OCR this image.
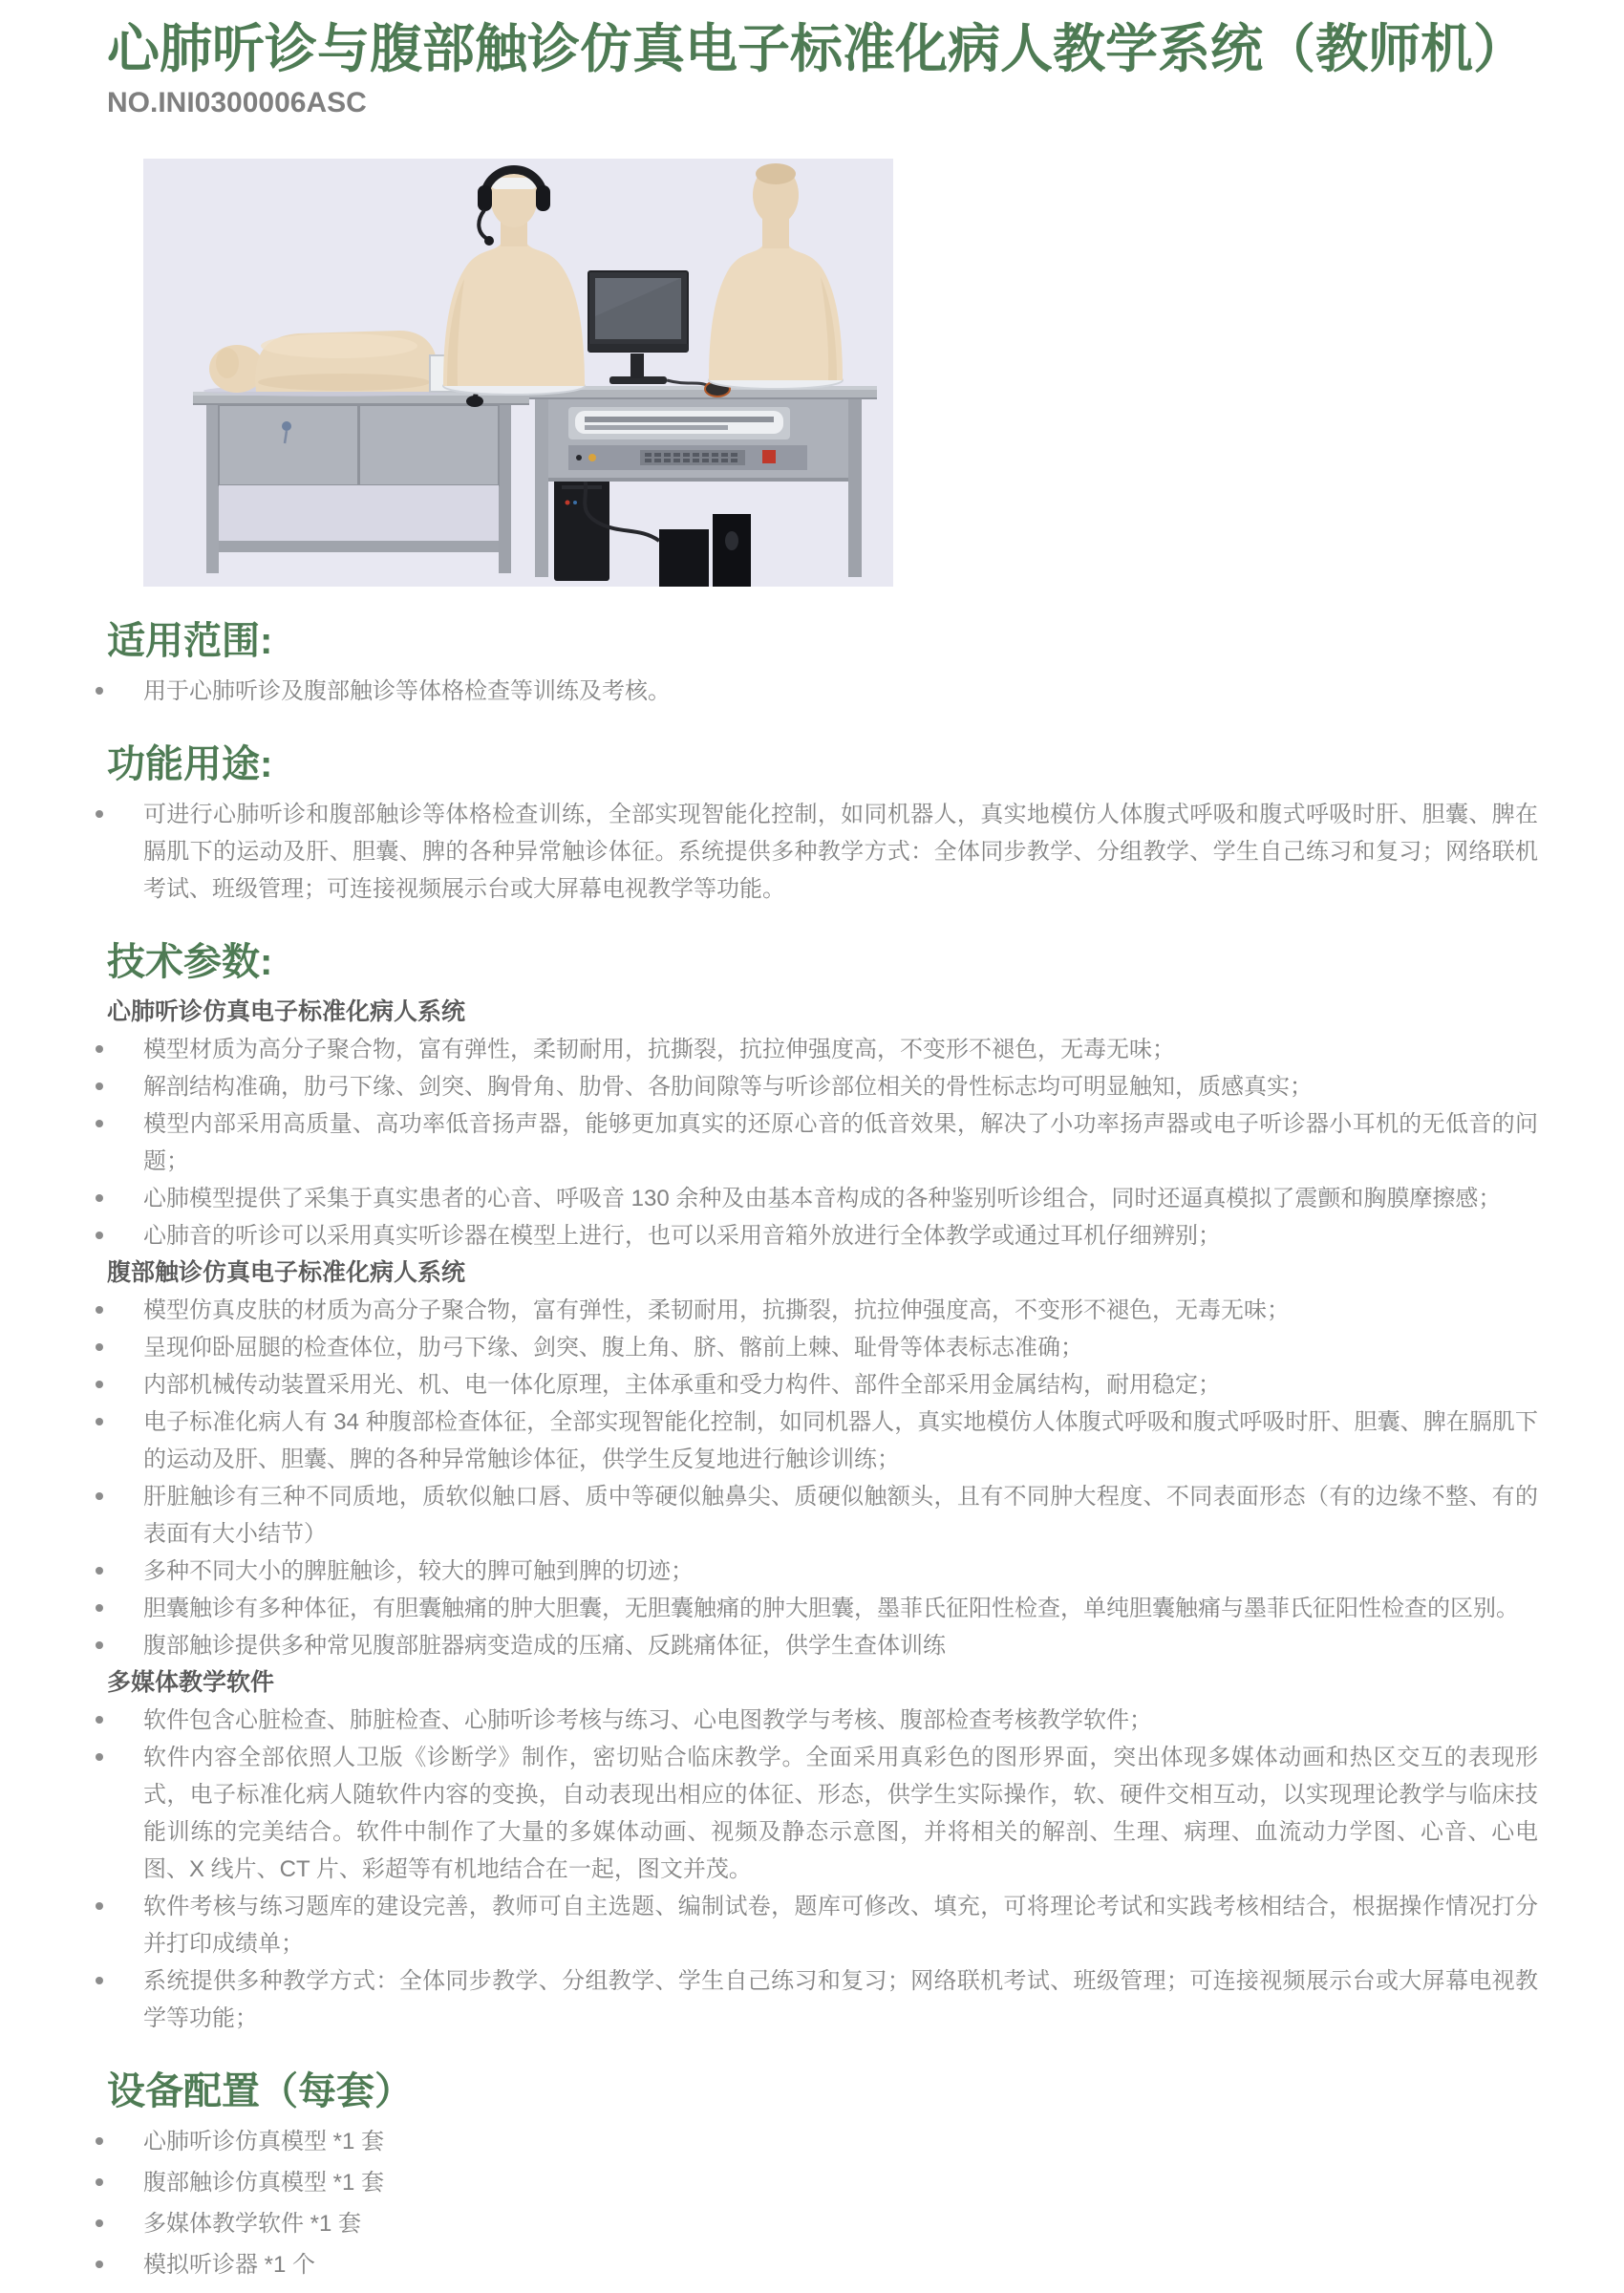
心肺听诊与腹部触诊仿真电子标准化病人教学系统（教师机）
NO.INI0300006ASC
适用范围:
用于心肺听诊及腹部触诊等体格检查等训练及考核。
功能用途:
可进行心肺听诊和腹部触诊等体格检查训练，全部实现智能化控制，如同机器人，真实地模仿人体腹式呼吸和腹式呼吸时肝、胆囊、脾在膈肌下的运动及肝、胆囊、脾的各种异常触诊体征。系统提供多种教学方式：全体同步教学、分组教学、学生自己练习和复习；网络联机考试、班级管理；可连接视频展示台或大屏幕电视教学等功能。
技术参数:
心肺听诊仿真电子标准化病人系统
模型材质为高分子聚合物，富有弹性，柔韧耐用，抗撕裂，抗拉伸强度高，不变形不褪色，无毒无味；
解剖结构准确，肋弓下缘、剑突、胸骨角、肋骨、各肋间隙等与听诊部位相关的骨性标志均可明显触知，质感真实；
模型内部采用高质量、高功率低音扬声器，能够更加真实的还原心音的低音效果，解决了小功率扬声器或电子听诊器小耳机的无低音的问题；
心肺模型提供了采集于真实患者的心音、呼吸音 130 余种及由基本音构成的各种鉴别听诊组合，同时还逼真模拟了震颤和胸膜摩擦感；
心肺音的听诊可以采用真实听诊器在模型上进行，也可以采用音箱外放进行全体教学或通过耳机仔细辨别；
腹部触诊仿真电子标准化病人系统
模型仿真皮肤的材质为高分子聚合物，富有弹性，柔韧耐用，抗撕裂，抗拉伸强度高，不变形不褪色，无毒无味；
呈现仰卧屈腿的检查体位，肋弓下缘、剑突、腹上角、脐、髂前上棘、耻骨等体表标志准确；
内部机械传动装置采用光、机、电一体化原理，主体承重和受力构件、部件全部采用金属结构，耐用稳定；
电子标准化病人有 34 种腹部检查体征，全部实现智能化控制，如同机器人，真实地模仿人体腹式呼吸和腹式呼吸时肝、胆囊、脾在膈肌下的运动及肝、胆囊、脾的各种异常触诊体征，供学生反复地进行触诊训练；
肝脏触诊有三种不同质地，质软似触口唇、质中等硬似触鼻尖、质硬似触额头，且有不同肿大程度、不同表面形态（有的边缘不整、有的表面有大小结节）
多种不同大小的脾脏触诊，较大的脾可触到脾的切迹；
胆囊触诊有多种体征，有胆囊触痛的肿大胆囊，无胆囊触痛的肿大胆囊，墨菲氏征阳性检查，单纯胆囊触痛与墨菲氏征阳性检查的区别。
腹部触诊提供多种常见腹部脏器病变造成的压痛、反跳痛体征，供学生查体训练
多媒体教学软件
软件包含心脏检查、肺脏检查、心肺听诊考核与练习、心电图教学与考核、腹部检查考核教学软件；
软件内容全部依照人卫版《诊断学》制作，密切贴合临床教学。全面采用真彩色的图形界面，突出体现多媒体动画和热区交互的表现形式，电子标准化病人随软件内容的变换，自动表现出相应的体征、形态，供学生实际操作，软、硬件交相互动，以实现理论教学与临床技能训练的完美结合。软件中制作了大量的多媒体动画、视频及静态示意图，并将相关的解剖、生理、病理、血流动力学图、心音、心电图、X 线片、CT 片、彩超等有机地结合在一起，图文并茂。
软件考核与练习题库的建设完善，教师可自主选题、编制试卷，题库可修改、填充，可将理论考试和实践考核相结合，根据操作情况打分并打印成绩单；
系统提供多种教学方式：全体同步教学、分组教学、学生自己练习和复习；网络联机考试、班级管理；可连接视频展示台或大屏幕电视教学等功能；
设备配置（每套）
心肺听诊仿真模型 *1 套
腹部触诊仿真模型 *1 套
多媒体教学软件 *1 套
模拟听诊器 *1 个
